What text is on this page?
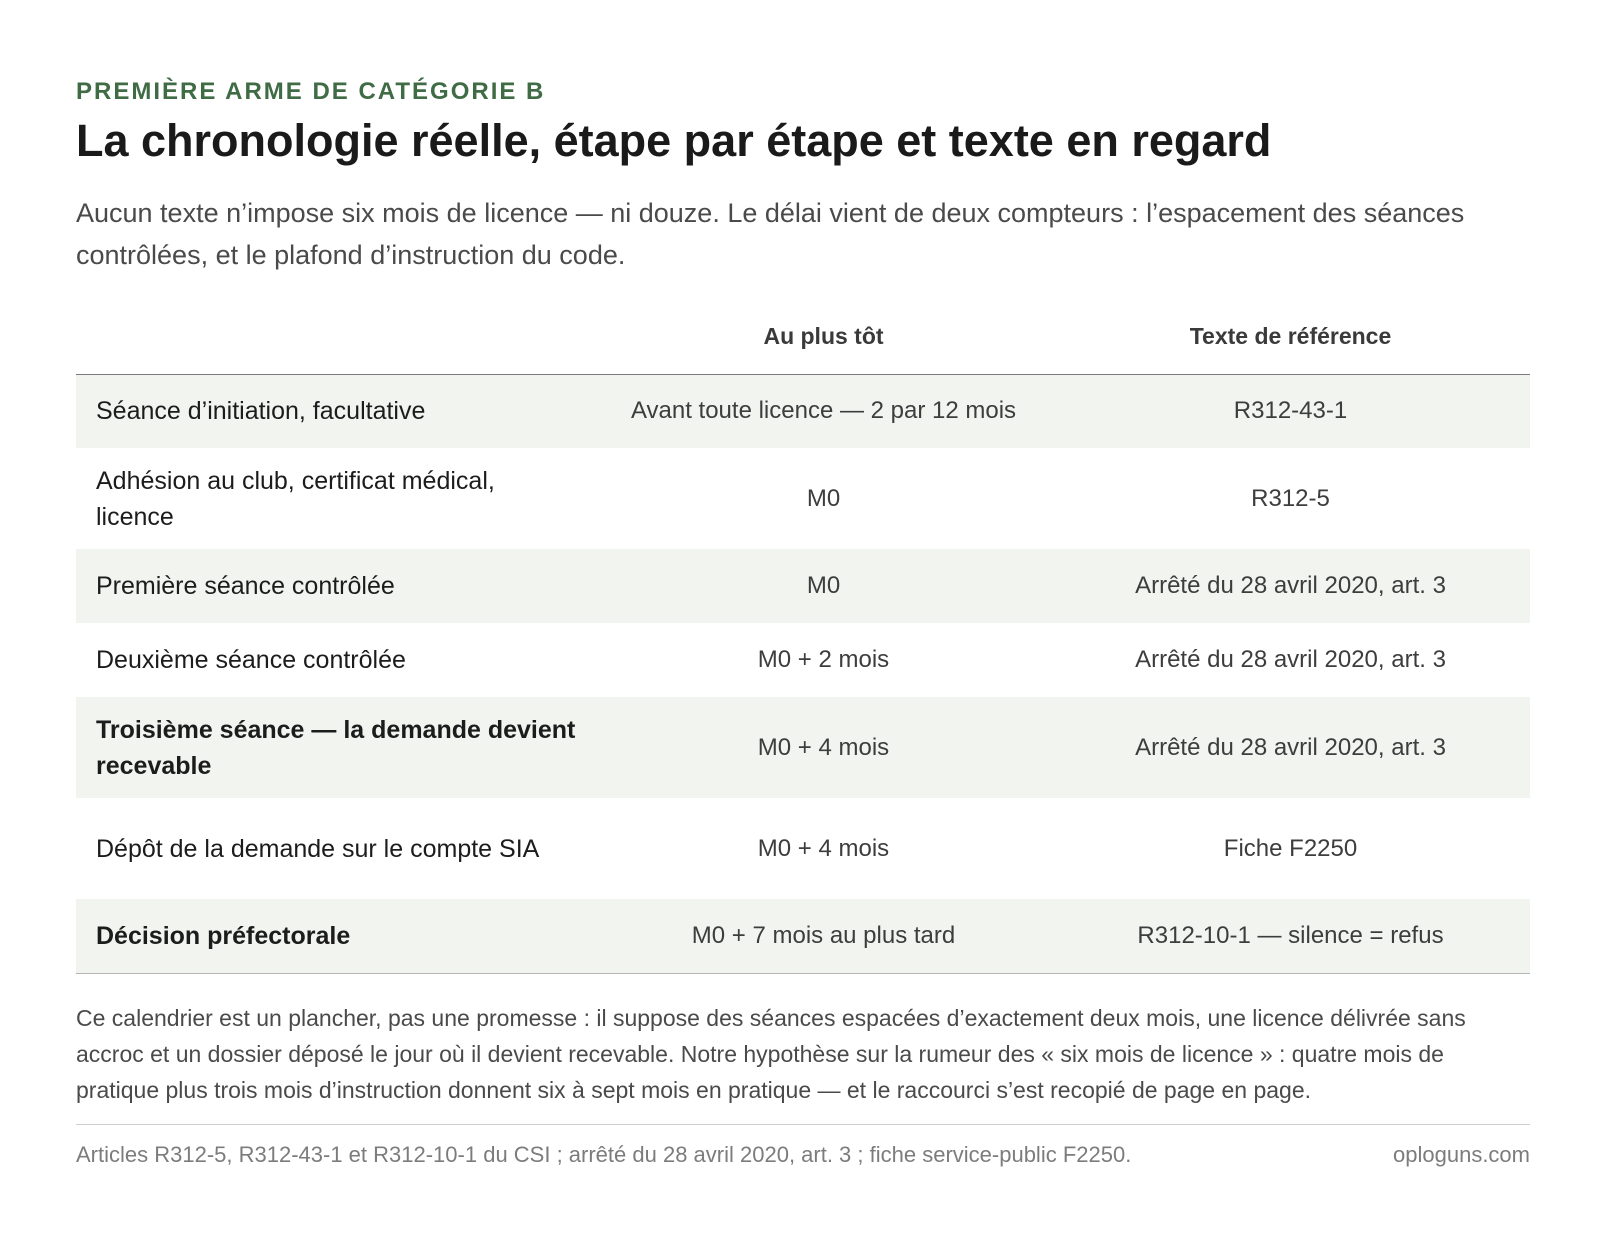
PREMIÈRE ARME DE CATÉGORIE B
La chronologie réelle, étape par étape et texte en regard

Aucun texte n’impose six mois de licence — ni douze. Le délai vient de deux compteurs : l’espacement des séances contrôlées, et le plafond d’instruction du code.

	Au plus tôt	Texte de référence
Séance d’initiation, facultative	Avant toute licence — 2 par 12 mois	R312-43-1
Adhésion au club, certificat médical, licence	M0	R312-5
Première séance contrôlée	M0	Arrêté du 28 avril 2020, art. 3
Deuxième séance contrôlée	M0 + 2 mois	Arrêté du 28 avril 2020, art. 3
Troisième séance — la demande devient recevable	M0 + 4 mois	Arrêté du 28 avril 2020, art. 3
Dépôt de la demande sur le compte SIA	M0 + 4 mois	Fiche F2250
Décision préfectorale	M0 + 7 mois au plus tard	R312-10-1 — silence = refus

Ce calendrier est un plancher, pas une promesse : il suppose des séances espacées d’exactement deux mois, une licence délivrée sans accroc et un dossier déposé le jour où il devient recevable. Notre hypothèse sur la rumeur des « six mois de licence » : quatre mois de pratique plus trois mois d’instruction donnent six à sept mois en pratique — et le raccourci s’est recopié de page en page.

Articles R312-5, R312-43-1 et R312-10-1 du CSI ; arrêté du 28 avril 2020, art. 3 ; fiche service-public F2250.	oploguns.com
